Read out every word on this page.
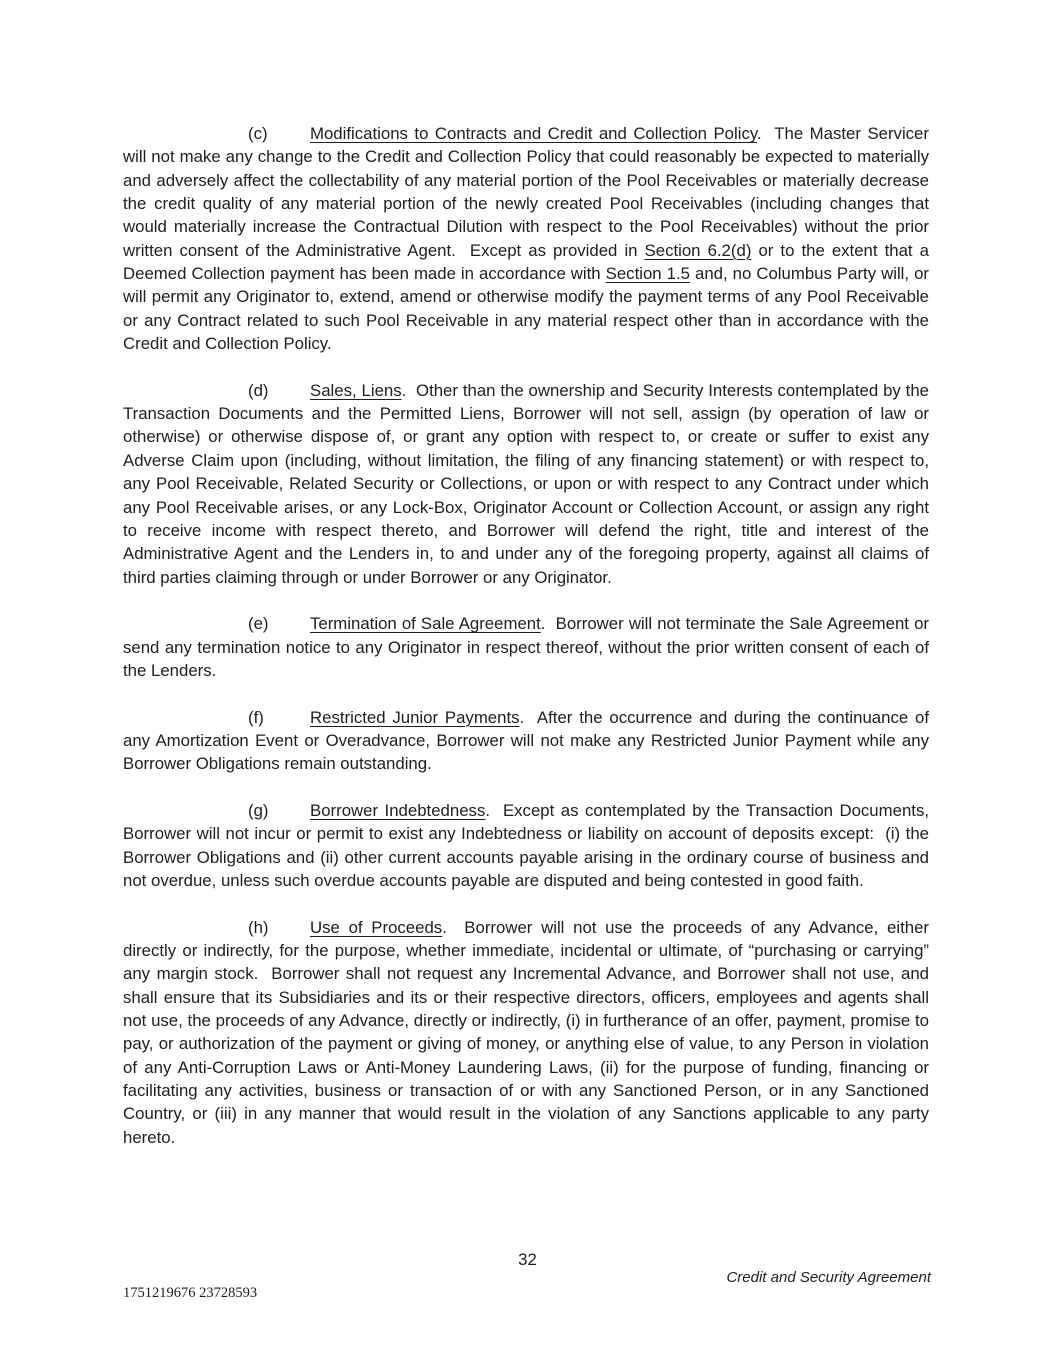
(c)	Modifications to Contracts and Credit and Collection Policy.  The Master Servicer will not make any change to the Credit and Collection Policy that could reasonably be expected to materially and adversely affect the collectability of any material portion of the Pool Receivables or materially decrease the credit quality of any material portion of the newly created Pool Receivables (including changes that would materially increase the Contractual Dilution with respect to the Pool Receivables) without the prior written consent of the Administrative Agent.  Except as provided in Section 6.2(d) or to the extent that a Deemed Collection payment has been made in accordance with Section 1.5 and, no Columbus Party will, or will permit any Originator to, extend, amend or otherwise modify the payment terms of any Pool Receivable or any Contract related to such Pool Receivable in any material respect other than in accordance with the Credit and Collection Policy.

(d) Sales, Liens.  Other than the ownership and Security Interests contemplated by the Transaction Documents and the Permitted Liens, Borrower will not sell, assign (by operation of law or otherwise) or otherwise dispose of, or grant any option with respect to, or create or suffer to exist any Adverse Claim upon (including, without limitation, the filing of any financing statement) or with respect to, any Pool Receivable, Related Security or Collections, or upon or with respect to any Contract under which any Pool Receivable arises, or any Lock-Box, Originator Account or Collection Account, or assign any right to receive income with respect thereto, and Borrower will defend the right, title and interest of the Administrative Agent and the Lenders in, to and under any of the foregoing property, against all claims of third parties claiming through or under Borrower or any Originator.

(e) Termination of Sale Agreement.  Borrower will not terminate the Sale Agreement or send any termination notice to any Originator in respect thereof, without the prior written consent of each of the Lenders.

(f)	Restricted Junior Payments.  After the occurrence and during the continuance of any Amortization Event or Overadvance, Borrower will not make any Restricted Junior Payment while any Borrower Obligations remain outstanding.

(g) Borrower Indebtedness.  Except as contemplated by the Transaction Documents, Borrower will not incur or permit to exist any Indebtedness or liability on account of deposits except:  (i) the Borrower Obligations and (ii) other current accounts payable arising in the ordinary course of business and not overdue, unless such overdue accounts payable are disputed and being contested in good faith.

(h) Use of Proceeds.  Borrower will not use the proceeds of any Advance, either directly or indirectly, for the purpose, whether immediate, incidental or ultimate, of “purchasing or carrying” any margin stock.  Borrower shall not request any Incremental Advance, and Borrower shall not use, and shall ensure that its Subsidiaries and its or their respective directors, officers, employees and agents shall not use, the proceeds of any Advance, directly or indirectly, (i) in furtherance of an offer, payment, promise to pay, or authorization of the payment or giving of money, or anything else of value, to any Person in violation of any Anti-Corruption Laws or Anti-Money Laundering Laws, (ii) for the purpose of funding, financing or facilitating any activities, business or transaction of or with any Sanctioned Person, or in any Sanctioned Country, or (iii) in any manner that would result in the violation of any Sanctions applicable to any party hereto.

32
Credit and Security Agreement
1751219676 23728593
